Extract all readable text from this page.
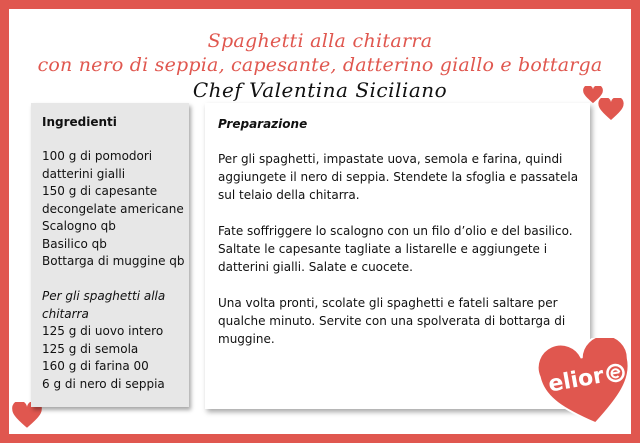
Spaghetti alla chitarra
con nero di seppia, capesante, datterino giallo e bottarga
Chef Valentina Siciliano
Ingredienti
100 g di pomodori
datterini gialli
150 g di capesante
decongelate americane
Scalogno qb
Basilico qb
Bottarga di muggine qb
Per gli spaghetti alla
chitarra
125 g di uovo intero
125 g di semola
160 g di farina 00
6 g di nero di seppia
Preparazione

Per gli spaghetti, impastate uova, semola e farina, quindi aggiungete il nero di seppia. Stendete la sfoglia e passatela sul telaio della chitarra.

Fate soffriggere lo scalogno con un filo d’olio e del basilico. Saltate le capesante tagliate a listarelle e aggiungete i datterini gialli. Salate e cuocete.

Una volta pronti, scolate gli spaghetti e fateli saltare per qualche minuto. Servite con una spolverata di bottarga di muggine.

elior
